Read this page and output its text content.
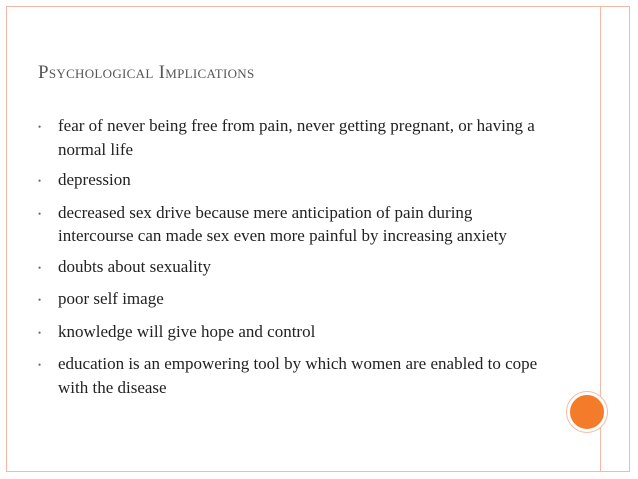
Psychological Implications
• fear of never being free from pain, never getting pregnant, or having a normal life
• depression
• decreased sex drive because mere anticipation of pain during intercourse can made sex even more painful by increasing anxiety
• doubts about sexuality
• poor self image
• knowledge will give hope and control
• education is an empowering tool by which women are enabled to cope with the disease
